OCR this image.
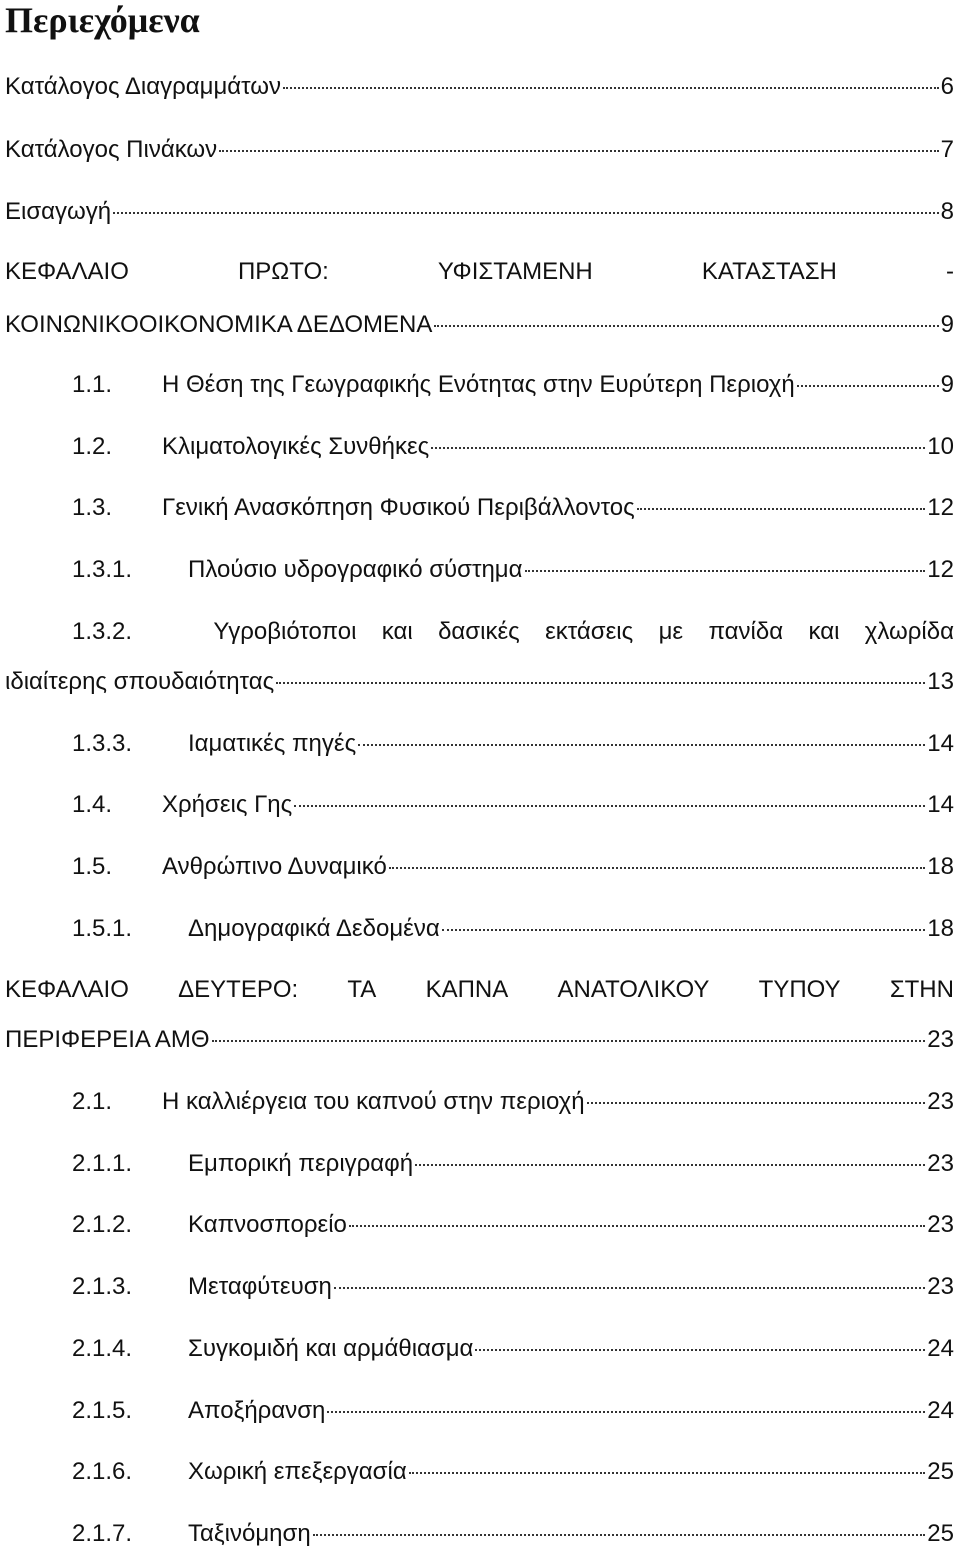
Περιεχόμενα
Κατάλογος Διαγραμμάτων	6
Κατάλογος Πινάκων	7
Εισαγωγή	8
ΚΕΦΑΛΑΙΟ	ΠΡΩΤΟ:	ΥΦΙΣΤΑΜΕΝΗ	ΚΑΤΑΣΤΑΣΗ	-
ΚΟΙΝΩΝΙΚΟΟΙΚΟΝΟΜΙΚΑ ΔΕΔΟΜΕΝΑ	9
1.1.	Η Θέση της Γεωγραφικής Ενότητας στην Ευρύτερη Περιοχή	9
1.2.	Κλιματολογικές Συνθήκες	10
1.3.	Γενική Ανασκόπηση Φυσικού Περιβάλλοντος	12
1.3.1.	Πλούσιο υδρογραφικό σύστημα	12
1.3.2.	Υγροβιότοποι και δασικές εκτάσεις με πανίδα και χλωρίδα
ιδιαίτερης σπουδαιότητας	13
1.3.3.	Ιαματικές πηγές	14
1.4.	Χρήσεις Γης	14
1.5.	Ανθρώπινο Δυναμικό	18
1.5.1.	Δημογραφικά Δεδομένα	18
ΚΕΦΑΛΑΙΟ ΔΕΥΤΕΡΟ: ΤΑ ΚΑΠΝΑ ΑΝΑΤΟΛΙΚΟΥ ΤΥΠΟΥ ΣΤΗΝ
ΠΕΡΙΦΕΡΕΙΑ ΑΜΘ	23
2.1.	Η καλλιέργεια του καπνού στην περιοχή	23
2.1.1.	Εμπορική περιγραφή	23
2.1.2.	Καπνοσπορείο	23
2.1.3.	Μεταφύτευση	23
2.1.4.	Συγκομιδή και αρμάθιασμα	24
2.1.5.	Αποξήρανση	24
2.1.6.	Χωρική επεξεργασία	25
2.1.7.	Ταξινόμηση	25
